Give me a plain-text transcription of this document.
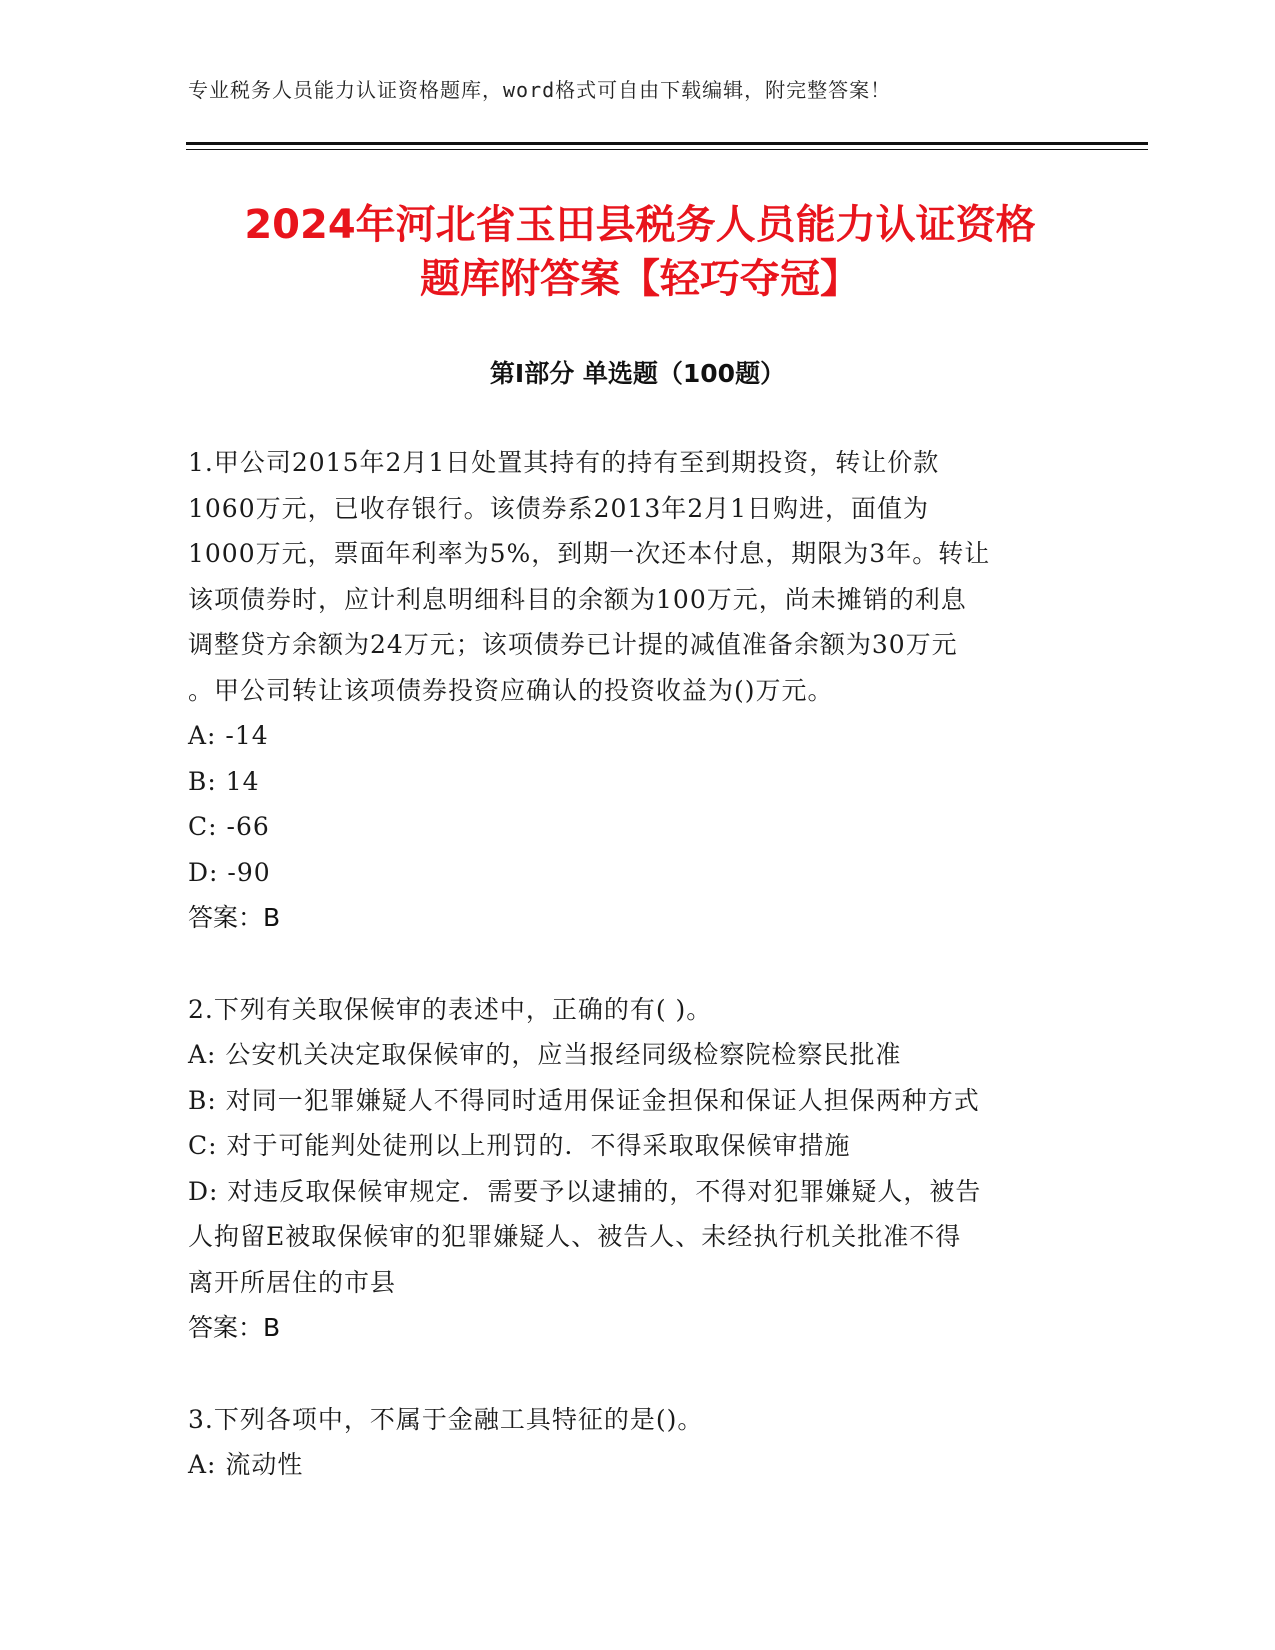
专业税务人员能力认证资格题库，word格式可自由下载编辑，附完整答案！
2024年河北省玉田县税务人员能力认证资格
题库附答案【轻巧夺冠】
第I部分 单选题（100题）
1.甲公司2015年2月1日处置其持有的持有至到期投资，转让价款
1060万元，已收存银行。该债券系2013年2月1日购进，面值为
1000万元，票面年利率为5%，到期一次还本付息，期限为3年。转让
该项债券时，应计利息明细科目的余额为100万元，尚未摊销的利息
调整贷方余额为24万元；该项债券已计提的减值准备余额为30万元
。甲公司转让该项债券投资应确认的投资收益为()万元。
A: -14
B: 14
C: -66
D: -90
答案：B
2.下列有关取保候审的表述中，正确的有( )。
A: 公安机关决定取保候审的，应当报经同级检察院检察民批准
B: 对同一犯罪嫌疑人不得同时适用保证金担保和保证人担保两种方式
C: 对于可能判处徒刑以上刑罚的．不得采取取保候审措施
D: 对违反取保候审规定．需要予以逮捕的，不得对犯罪嫌疑人，被告
人拘留E被取保候审的犯罪嫌疑人、被告人、未经执行机关批准不得
离开所居住的市县
答案：B
3.下列各项中，不属于金融工具特征的是()。
A: 流动性
